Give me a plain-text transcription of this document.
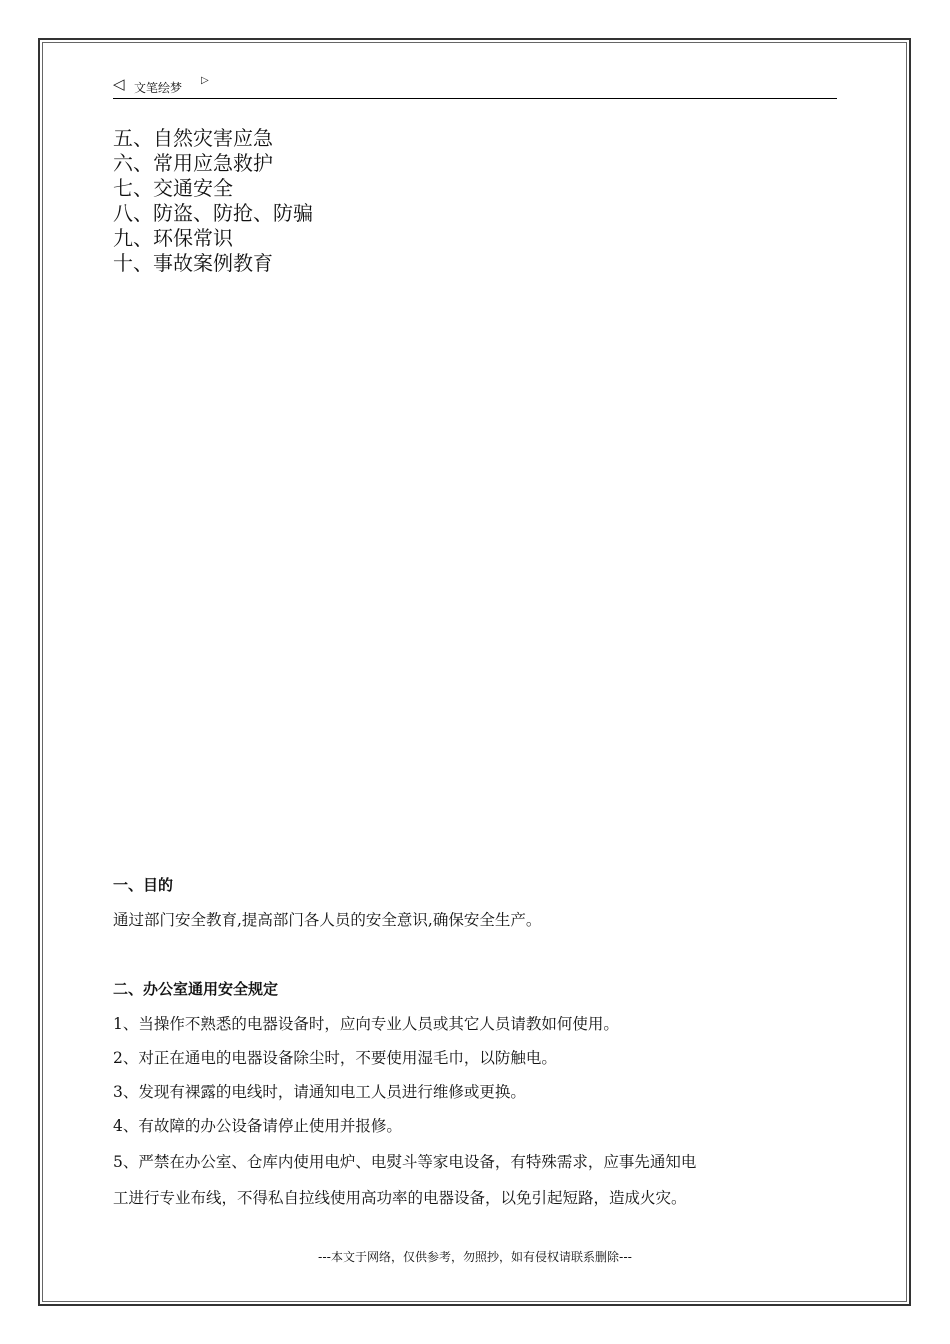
◁ 文笔绘梦
▷
五、自然灾害应急
六、常用应急救护
七、交通安全
八、防盗、防抢、防骗
九、环保常识
十、事故案例教育
一、目的
通过部门安全教育,提高部门各人员的安全意识,确保安全生产。
二、办公室通用安全规定
1、当操作不熟悉的电器设备时，应向专业人员或其它人员请教如何使用。
2、对正在通电的电器设备除尘时，不要使用湿毛巾，以防触电。
3、发现有裸露的电线时，请通知电工人员进行维修或更换。
4、有故障的办公设备请停止使用并报修。
5、严禁在办公室、仓库内使用电炉、电熨斗等家电设备，有特殊需求，应事先通知电
工进行专业布线，不得私自拉线使用高功率的电器设备，以免引起短路，造成火灾。
---本文于网络，仅供参考，勿照抄，如有侵权请联系删除---
